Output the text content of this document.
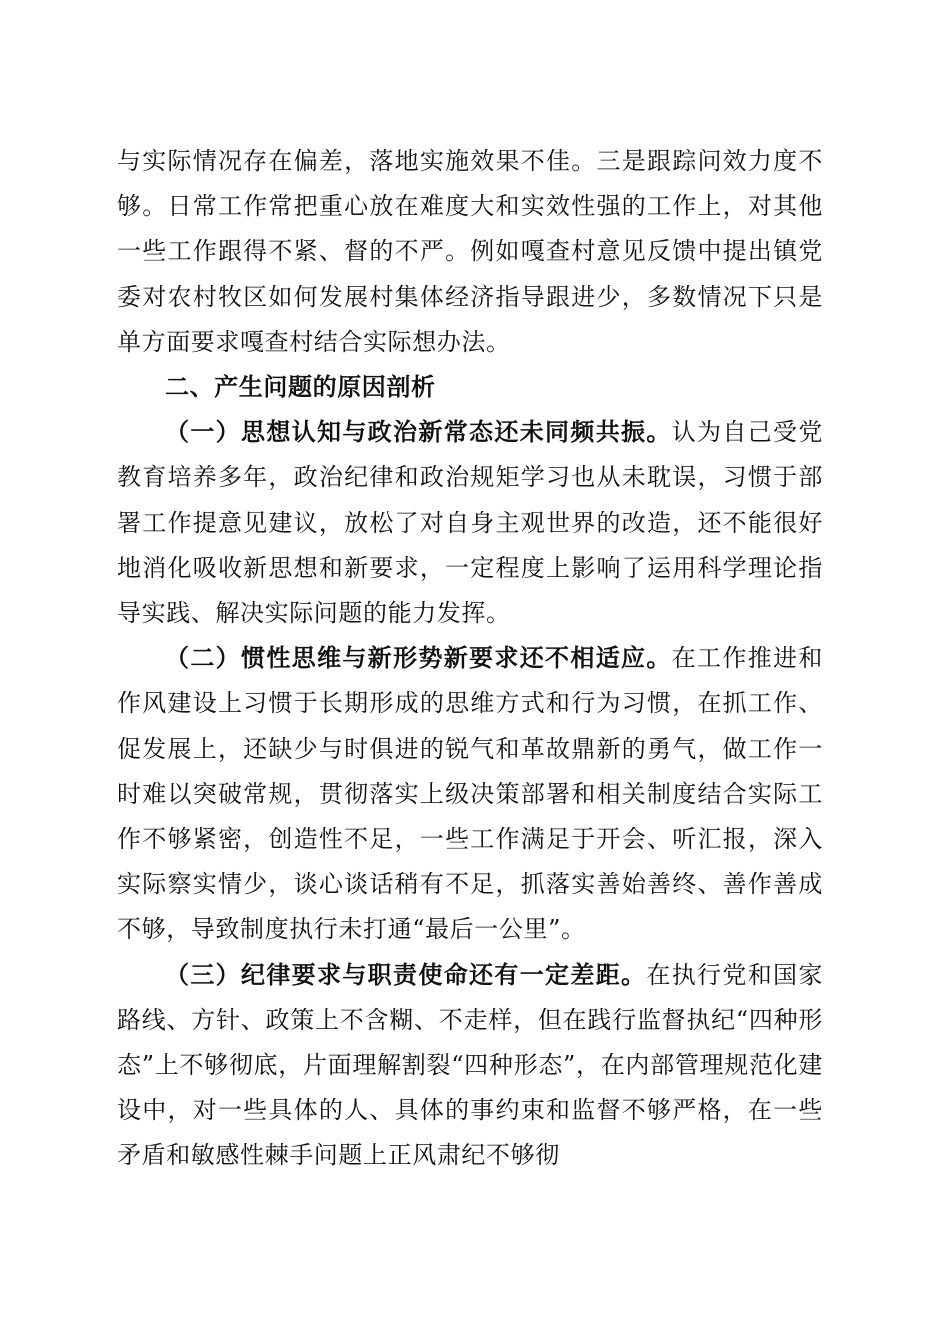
与实际情况存在偏差，落地实施效果不佳。三是跟踪问效力度不够。日常工作常把重心放在难度大和实效性强的工作上，对其他一些工作跟得不紧、督的不严。例如嘎查村意见反馈中提出镇党委对农村牧区如何发展村集体经济指导跟进少，多数情况下只是单方面要求嘎查村结合实际想办法。

二、产生问题的原因剖析

（一）思想认知与政治新常态还未同频共振。认为自己受党教育培养多年，政治纪律和政治规矩学习也从未耽误，习惯于部署工作提意见建议，放松了对自身主观世界的改造，还不能很好地消化吸收新思想和新要求，一定程度上影响了运用科学理论指导实践、解决实际问题的能力发挥。

（二）惯性思维与新形势新要求还不相适应。在工作推进和作风建设上习惯于长期形成的思维方式和行为习惯，在抓工作、促发展上，还缺少与时俱进的锐气和革故鼎新的勇气，做工作一时难以突破常规，贯彻落实上级决策部署和相关制度结合实际工作不够紧密，创造性不足，一些工作满足于开会、听汇报，深入实际察实情少，谈心谈话稍有不足，抓落实善始善终、善作善成不够，导致制度执行未打通“最后一公里”。

（三）纪律要求与职责使命还有一定差距。在执行党和国家路线、方针、政策上不含糊、不走样，但在践行监督执纪“四种形态”上不够彻底，片面理解割裂“四种形态”，在内部管理规范化建设中，对一些具体的人、具体的事约束和监督不够严格，在一些矛盾和敏感性棘手问题上正风肃纪不够彻
